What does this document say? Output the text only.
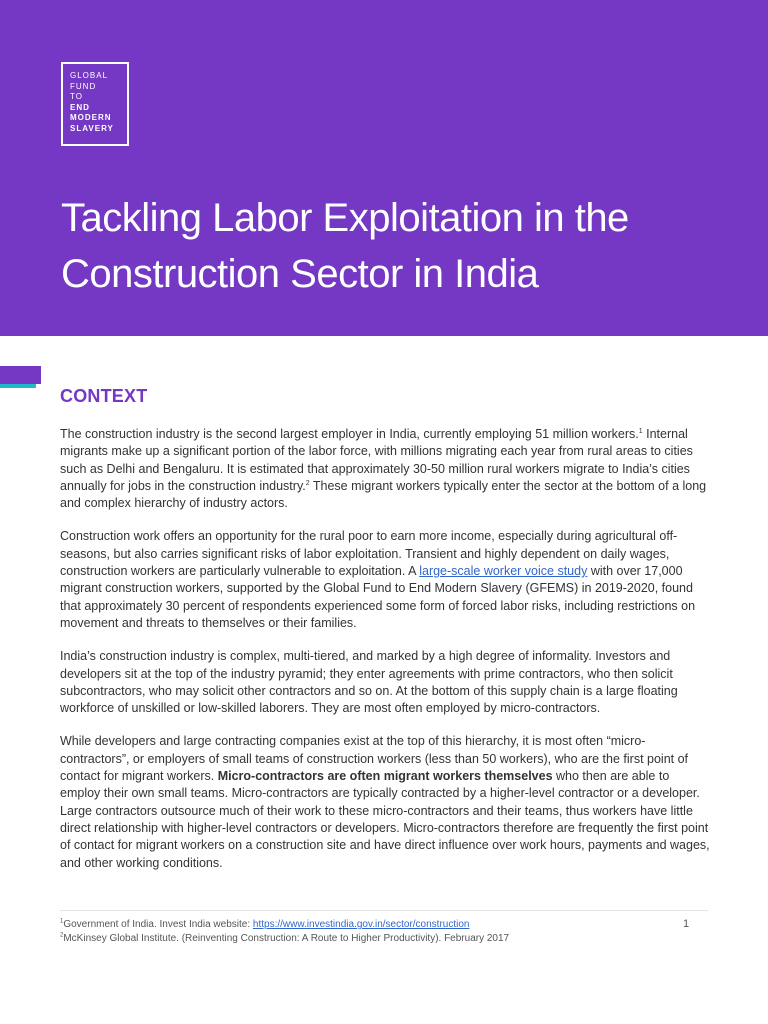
GLOBAL
FUND
TO
END
MODERN
SLAVERY
Tackling Labor Exploitation in the
Construction Sector in India
CONTEXT

The construction industry is the second largest employer in India, currently employing 51 million workers.$^1$ Internal migrants make up a significant portion of the labor force, with millions migrating each year from rural areas to cities such as Delhi and Bengaluru. It is estimated that approximately 30-50 million rural workers migrate to India’s cities annually for jobs in the construction industry.$^2$ These migrant workers typically enter the sector at the bottom of a long and complex hierarchy of industry actors.

Construction work offers an opportunity for the rural poor to earn more income, especially during agricultural off-seasons, but also carries significant risks of labor exploitation. Transient and highly dependent on daily wages, construction workers are particularly vulnerable to exploitation. A large-scale worker voice study with over 17,000 migrant construction workers, supported by the Global Fund to End Modern Slavery (GFEMS) in 2019-2020, found that approximately 30 percent of respondents experienced some form of forced labor risks, including restrictions on movement and threats to themselves or their families.

India’s construction industry is complex, multi-tiered, and marked by a high degree of informality. Investors and developers sit at the top of the industry pyramid; they enter agreements with prime contractors, who then solicit subcontractors, who may solicit other contractors and so on. At the bottom of this supply chain is a large floating workforce of unskilled or low-skilled laborers. They are most often employed by micro-contractors.

While developers and large contracting companies exist at the top of this hierarchy, it is most often “micro-contractors”, or employers of small teams of construction workers (less than 50 workers), who are the first point of contact for migrant workers. Micro-contractors are often migrant workers themselves who then are able to employ their own small teams. Micro-contractors are typically contracted by a higher-level contractor or a developer. Large contractors outsource much of their work to these micro-contractors and their teams, thus workers have little direct relationship with higher-level contractors or developers. Micro-contractors therefore are frequently the first point of contact for migrant workers on a construction site and have direct influence over work hours, payments and wages, and other working conditions.

$^1$Government of India. Invest India website: https://www.investindia.gov.in/sector/construction
$^2$McKinsey Global Institute. (Reinventing Construction: A Route to Higher Productivity). February 2017
1
